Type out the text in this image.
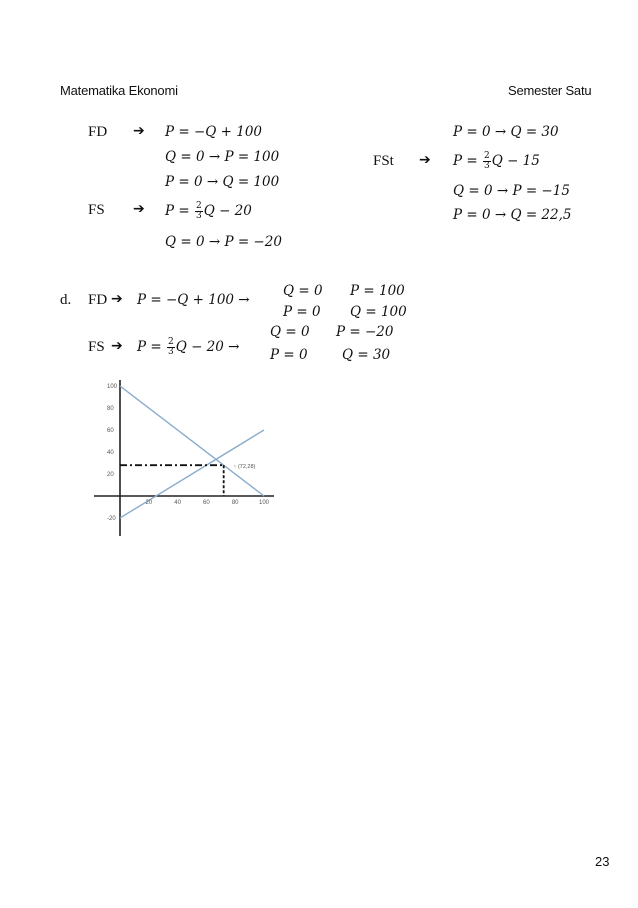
Matematika Ekonomi	Semester Satu
FD ➔ P = −Q + 100
Q = 0 → P = 100
P = 0 → Q = 100
FS ➔ $P = \frac{2}{3}$ Q − 20
Q = 0 → P = −20
P = 0 → Q = 30
FSt ➔ $P = \frac{2}{3}$ Q − 15
Q = 0 → P = −15
P = 0 → Q = 22,5
d. FD ➔ P = −Q + 100 →
Q = 0 P = 100
P = 0 Q = 100
FS ➔ $P = \frac{2}{3}$ Q − 20 →
Q = 0 P = −20
P = 0	Q = 30
↑ (72,28)
100
80
60
40
20
-20
20	40	60	80	100
23
